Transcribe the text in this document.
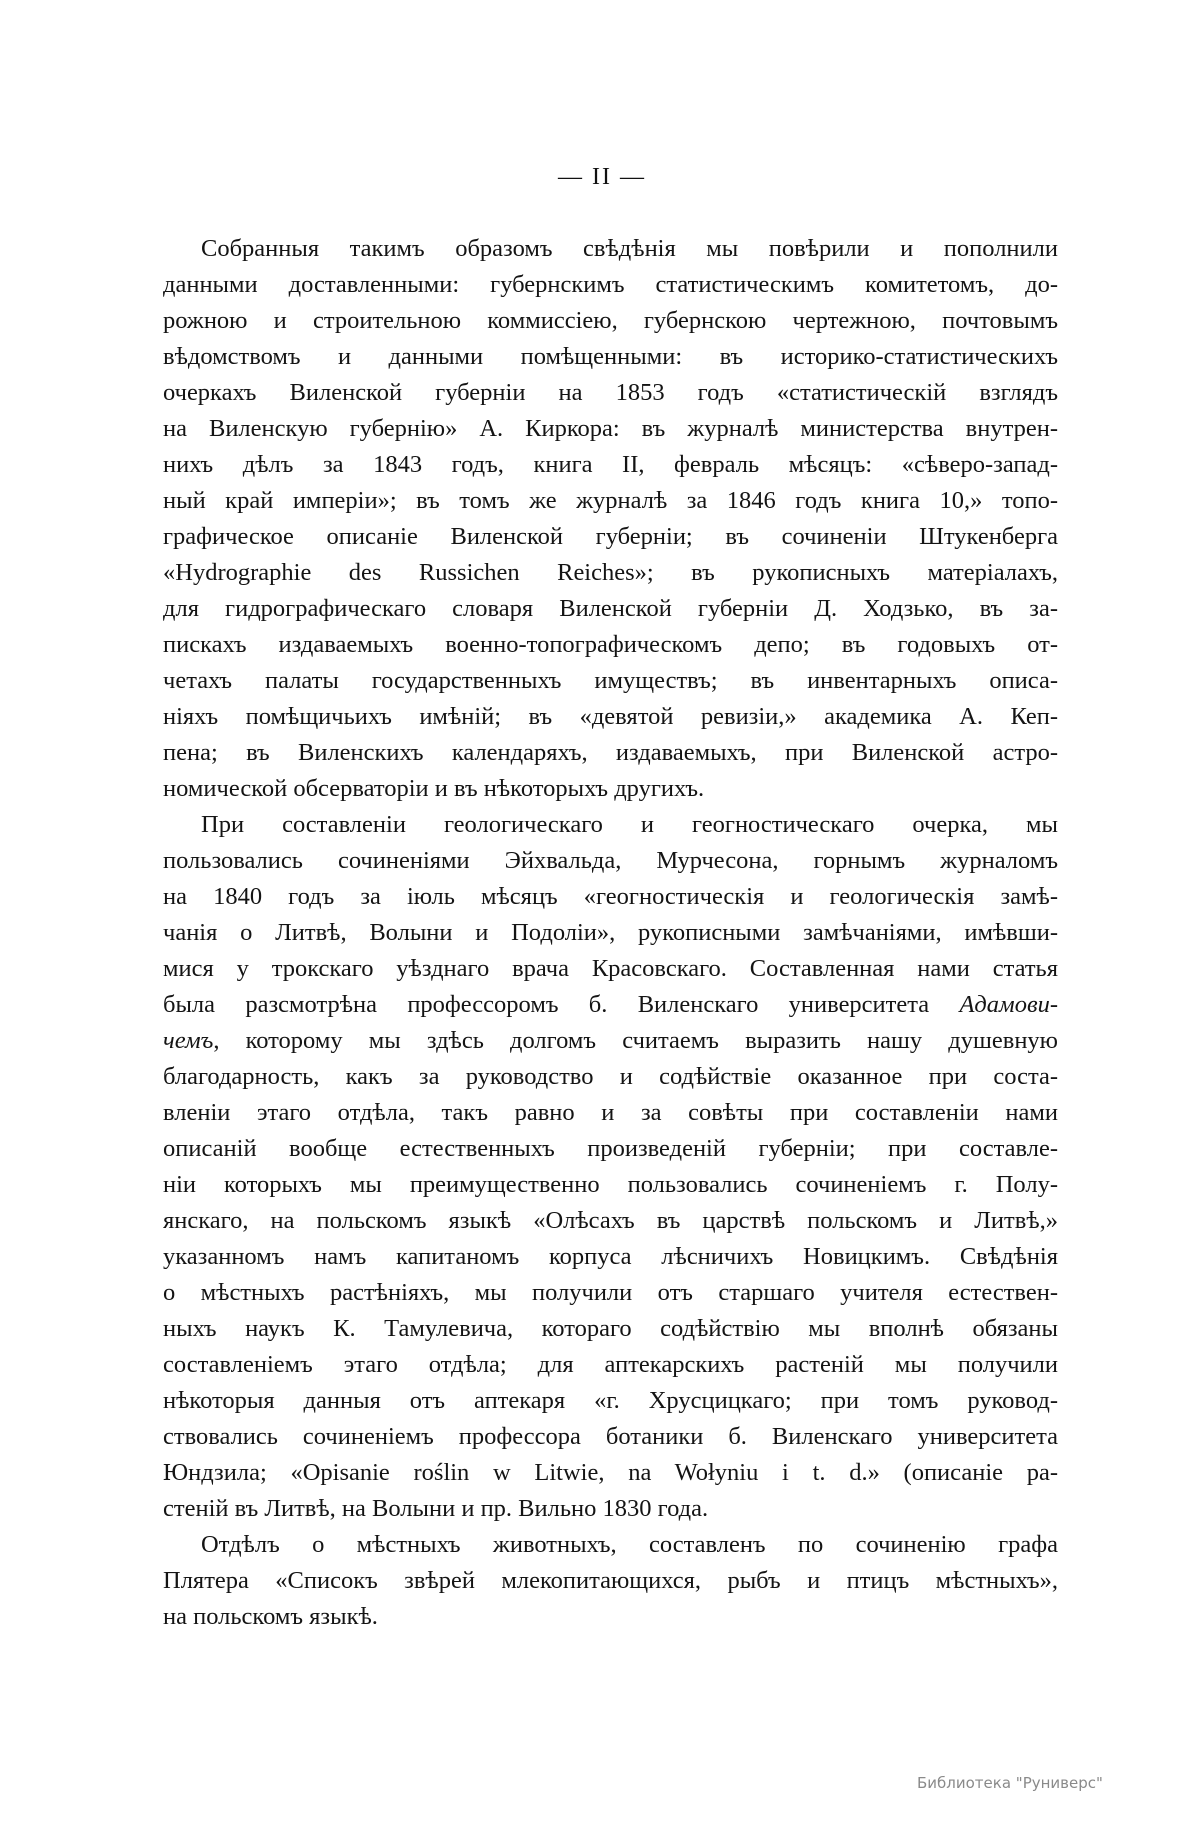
— II —
Собранныя такимъ образомъ свѣдѣнія мы повѣрили и пополнили
данными доставленными: губернскимъ статистическимъ комитетомъ, до-
рожною и строительною коммиссіею, губернскою чертежною, почтовымъ
вѣдомствомъ и данными помѣщенными: въ историко-статистическихъ
очеркахъ Виленской губерніи на 1853 годъ «статистическій взглядъ
на Виленскую губернію» А. Киркора: въ журналѣ министерства внутрен-
нихъ дѣлъ за 1843 годъ, книга II, февраль мѣсяцъ: «сѣверо-запад-
ный край имперіи»; въ томъ же журналѣ за 1846 годъ книга 10,» топо-
графическое описаніе Виленской губерніи; въ сочиненіи Штукенберга
«Hydrographie des Russichen Reiches»; въ рукописныхъ матеріалахъ,
для гидрографическаго словаря Виленской губерніи Д. Ходзько, въ за-
пискахъ издаваемыхъ военно-топографическомъ депо; въ годовыхъ от-
четахъ палаты государственныхъ имуществъ; въ инвентарныхъ описа-
ніяхъ помѣщичьихъ имѣній; въ «девятой ревизіи,» академика А. Кеп-
пена; въ Виленскихъ календаряхъ, издаваемыхъ, при Виленской астро-
номической обсерваторіи и въ нѣкоторыхъ другихъ.
При составленіи геологическаго и геогностическаго очерка, мы
пользовались сочиненіями Эйхвальда, Мурчесона, горнымъ журналомъ
на 1840 годъ за іюль мѣсяцъ «геогностическія и геологическія замѣ-
чанія о Литвѣ, Волыни и Подоліи», рукописными замѣчаніями, имѣвши-
мися у трокскаго уѣзднаго врача Красовскаго. Составленная нами статья
была разсмотрѣна профессоромъ б. Виленскаго университета Адамови-
чемъ, которому мы здѣсь долгомъ считаемъ выразить нашу душевную
благодарность, какъ за руководство и содѣйствіе оказанное при соста-
вленіи этаго отдѣла, такъ равно и за совѣты при составленіи нами
описаній вообще естественныхъ произведеній губерніи; при составле-
ніи которыхъ мы преимущественно пользовались сочиненіемъ г. Полу-
янскаго, на польскомъ языкѣ «Олѣсахъ въ царствѣ польскомъ и Литвѣ,»
указанномъ намъ капитаномъ корпуса лѣсничихъ Новицкимъ. Свѣдѣнія
о мѣстныхъ растѣніяхъ, мы получили отъ старшаго учителя естествен-
ныхъ наукъ К. Тамулевича, котораго содѣйствію мы вполнѣ обязаны
составленіемъ этаго отдѣла; для аптекарскихъ растеній мы получили
нѣкоторыя данныя отъ аптекаря «г. Хрусцицкаго; при томъ руковод-
ствовались сочиненіемъ профессора ботаники б. Виленскаго университета
Юндзила; «Opisanie roślin w Litwie, na Wołyniu i t. d.» (описаніе ра-
стеній въ Литвѣ, на Волыни и пр. Вильно 1830 года.
Отдѣлъ о мѣстныхъ животныхъ, составленъ по сочиненію графа
Плятера «Списокъ звѣрей млекопитающихся, рыбъ и птицъ мѣстныхъ»,
на польскомъ языкѣ.
Библиотека "Руниверс"
